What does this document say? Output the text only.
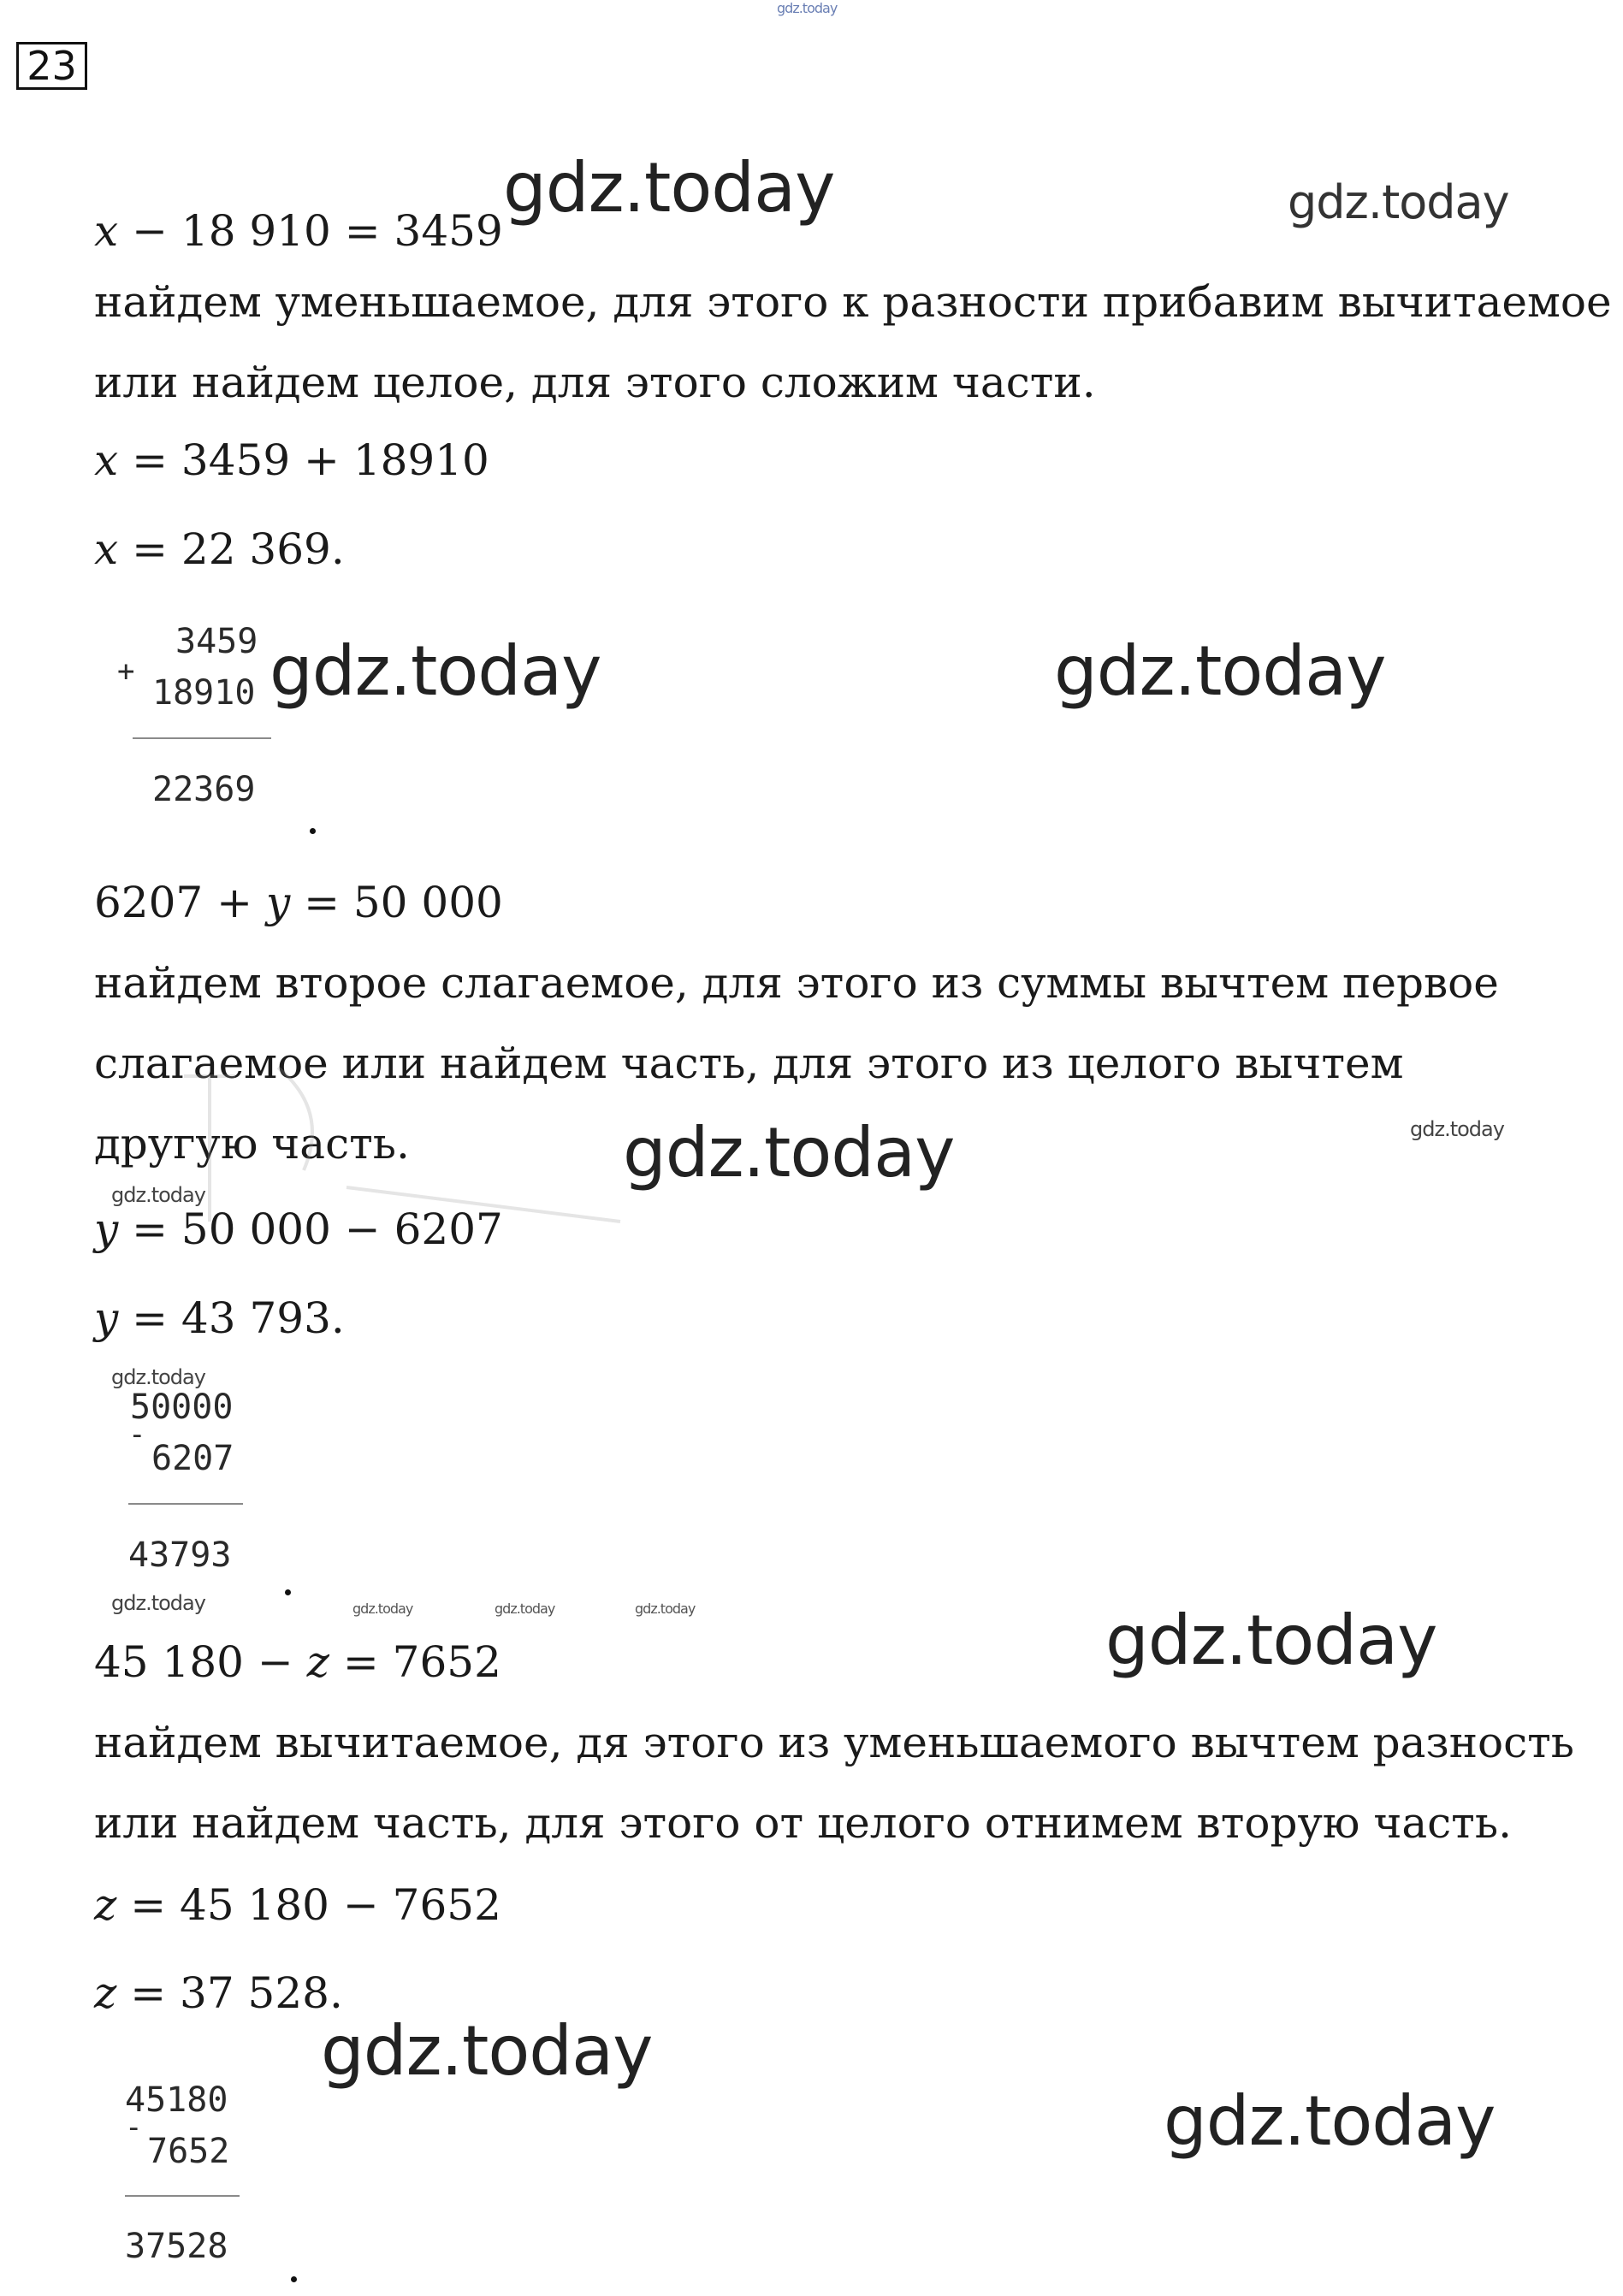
gdz.today
23
x − 18 910 = 3459
найдем уменьшаемое, для этого к разности прибавим вычитаемое
или найдем целое, для этого сложим части.
x = 3459 + 18910
x = 22 369.
+
3459
18910
22369
6207 + y = 50 000
найдем второе слагаемое, для этого из суммы вычтем первое
слагаемое или найдем часть, для этого из целого вычтем
другую часть.
y = 50 000 − 6207
y = 43 793.
-
50000
6207
43793
45 180 − z = 7652
найдем вычитаемое, дя этого из уменьшаемого вычтем разность
или найдем часть, для этого от целого отнимем вторую часть.
z = 45 180 − 7652
z = 37 528.
-
45180
7652
37528
gdz.today	gdz.today
gdz.today	gdz.today
gdz.today	gdz.today
gdz.today
gdz.today
gdz.today	gdz.today	gdz.today	gdz.today	gdz.today
gdz.today
gdz.today
